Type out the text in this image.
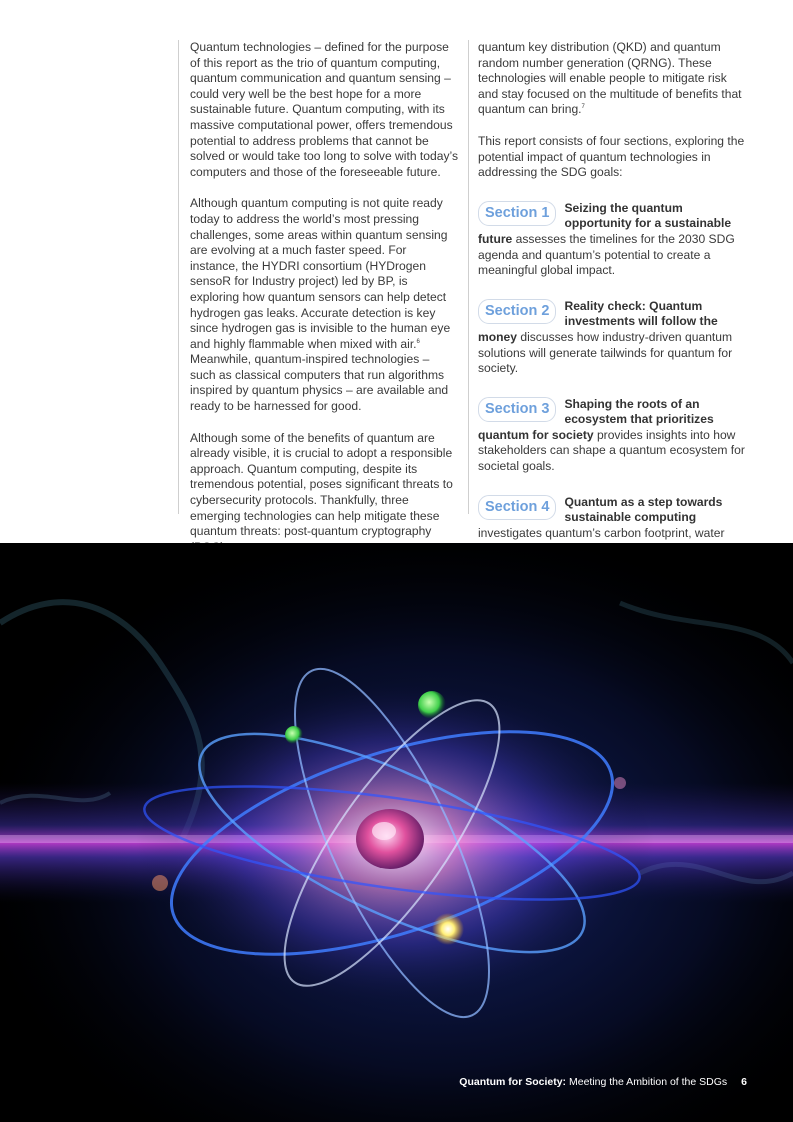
Quantum technologies – defined for the purpose of this report as the trio of quantum computing, quantum communication and quantum sensing – could very well be the best hope for a more sustainable future. Quantum computing, with its massive computational power, offers tremendous potential to address problems that cannot be solved or would take too long to solve with today’s computers and those of the foreseeable future.

Although quantum computing is not quite ready today to address the world’s most pressing challenges, some areas within quantum sensing are evolving at a much faster speed. For instance, the HYDRI consortium (HYDrogen sensoR for Industry project) led by BP, is exploring how quantum sensors can help detect hydrogen gas leaks. Accurate detection is key since hydrogen gas is invisible to the human eye and highly flammable when mixed with air.$^6$ Meanwhile, quantum-inspired technologies – such as classical computers that run algorithms inspired by quantum physics – are available and ready to be harnessed for good.

Although some of the benefits of quantum are already visible, it is crucial to adopt a responsible approach. Quantum computing, despite its tremendous potential, poses significant threats to cybersecurity protocols. Thankfully, three emerging technologies can help mitigate these quantum threats: post-quantum cryptography

quantum key distribution (QKD) and quantum random number generation (QRNG). These technologies will enable people to mitigate risk and stay focused on the multitude of benefits that quantum can bring.$^7$

This report consists of four sections, exploring the potential impact of quantum technologies in addressing the SDG goals:

Section 1	Seizing the quantum opportunity for a sustainable future assesses the timelines for the 2030 SDG agenda and quantum’s potential to create a meaningful global impact.
Section 2	Reality check: Quantum investments will follow the money discusses how industry-driven quantum solutions will generate tailwinds for quantum for society.
Section 3	Shaping the roots of an ecosystem that prioritizes quantum for society provides insights into how stakeholders can shape a quantum ecosystem for societal goals.
Section 4	Quantum as a step towards sustainable computing investigates quantum’s carbon footprint, water
Quantum for Society: Meeting the Ambition of the SDGs 6
